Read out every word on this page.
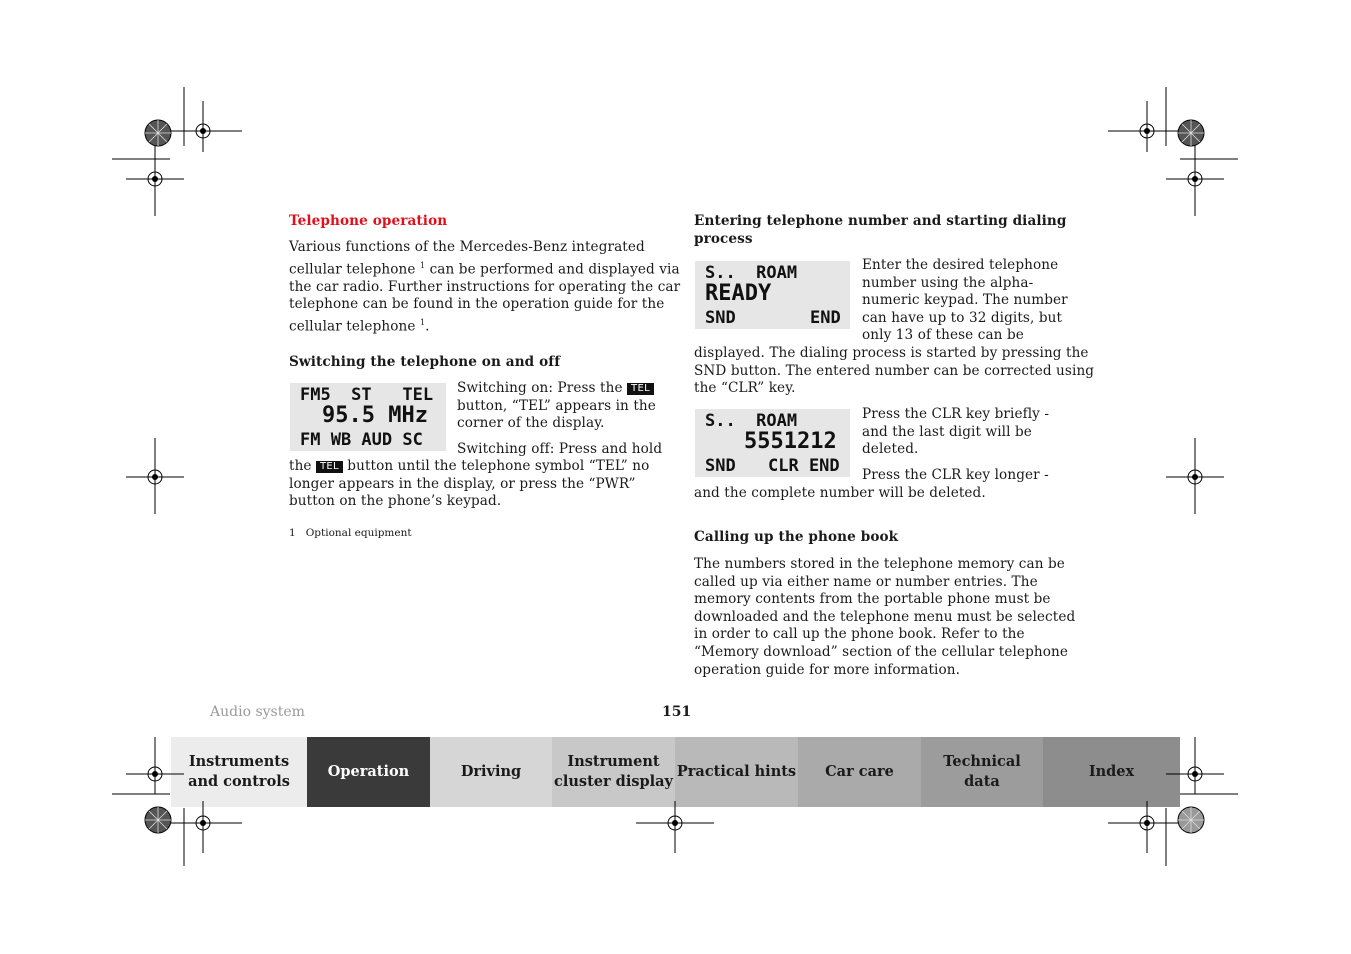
Telephone operation
Various functions of the Mercedes-Benz integrated
cellular telephone $^1$ can be performed and displayed via
the car radio. Further instructions for operating the car
telephone can be found in the operation guide for the
cellular telephone $^1$.
Switching the telephone on and off
FM5  ST   TEL
95.5 MHz
FM WB AUD SC
Switching on: Press the TEL
button, “TEL” appears in the
corner of the display.
Switching off: Press and hold
the TEL button until the telephone symbol “TEL” no
longer appears in the display, or press the “PWR”
button on the phone’s keypad.
1 Optional equipment
Entering telephone number and starting dialing
process
S..  ROAM
READY
SND	END
Enter the desired telephone
number using the alpha-
numeric keypad. The number
can have up to 32 digits, but
only 13 of these can be
displayed. The dialing process is started by pressing the
SND button. The entered number can be corrected using
the “CLR” key.
S..  ROAM
5551212
SND CLR END
Press the CLR key briefly -
and the last digit will be
deleted.
Press the CLR key longer -
and the complete number will be deleted.
Calling up the phone book
The numbers stored in the telephone memory can be
called up via either name or number entries. The
memory contents from the portable phone must be
downloaded and the telephone menu must be selected
in order to call up the phone book. Refer to the
“Memory download” section of the cellular telephone
operation guide for more information.
Audio system	151
Instruments
and controls
Operation	Driving
Instrument
cluster display
Practical hints Car care
Technical
data
Index
